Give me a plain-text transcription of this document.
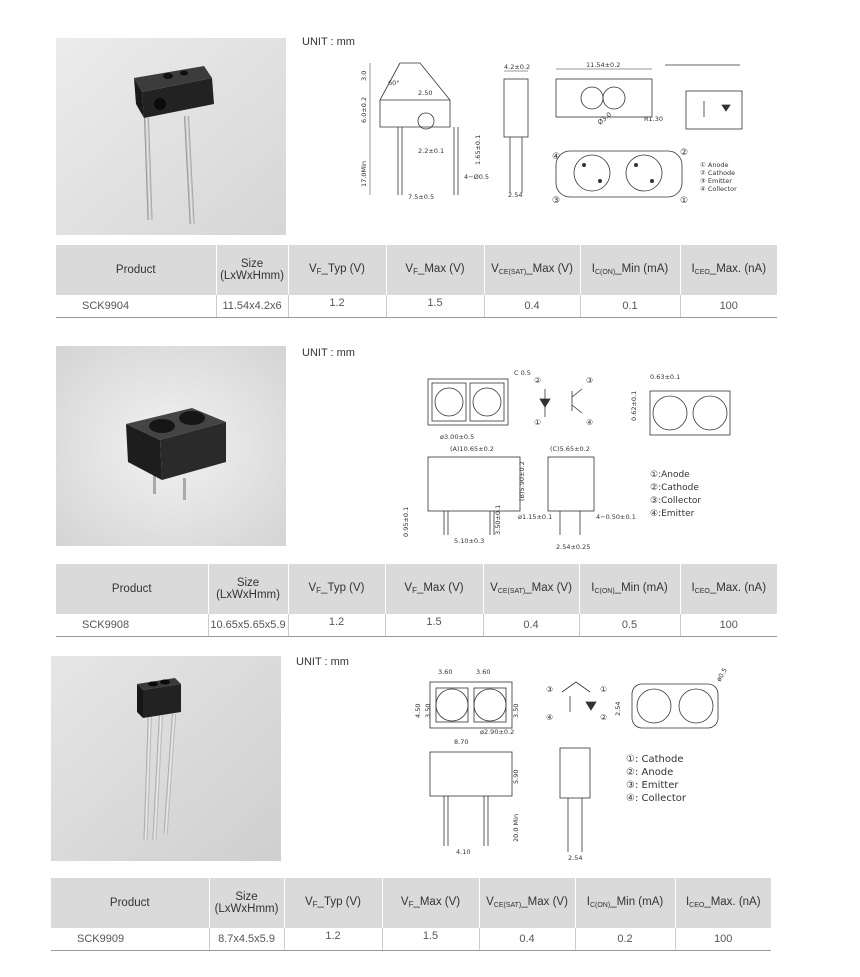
UNIT : mm
3.0
6.0±0.2
17.0Min
60°
2.50
2.2±0.1
7.5±0.5
1.65±0.1
4−Ø0.5
4.2±0.2
2.54
11.54±0.2
R1.30
Ø3.0
④	②
③	①
① Anode
② Cathode
③ Emitter
④ Collector
Product	Size
(LxWxHmm)	$V_F\_Typ$ (V)	$V_F\_Max$ (V)	VCE(SAT)_Max (V)	IC(ON)_Min (mA)	ICEO_Max. (nA)
SCK9904	11.54x4.2x6	1.2	1.5	0.4	0.1	100
UNIT : mm
C 0.5
ø3.00±0.5
②	③
①	④
0.63±0.1
0.62±0.1
(A)10.65±0.2
(B)5.90±0.2
3.50±0.1
5.10±0.3
0.95±0.1
(C)5.65±0.2
ø1.15±0.1	4−0.50±0.1
2.54±0.25
①:Anode
②:Cathode
③:Collector
④:Emitter
Product	Size
(LxWxHmm)	$V_F\_Typ$ (V)	$V_F\_Max$ (V)	VCE(SAT)_Max (V)	IC(ON)_Min (mA)	ICEO_Max. (nA)
SCK9908	10.65x5.65x5.9	1.2	1.5	0.4	0.5	100
UNIT : mm
3.60	3.60
4.50 3.50	3.50
ø2.90±0.2
8.70
③	①
④	②
2.54
ø0.5
5.90
20.0 Min
4.10
2.54
①: Cathode
②: Anode
③: Emitter
④: Collector
Product	Size
(LxWxHmm)	$V_F\_Typ$ (V)	$V_F\_Max$ (V)	VCE(SAT)_Max (V)	IC(ON)_Min (mA)	ICEO_Max. (nA)
SCK9909	8.7x4.5x5.9	1.2	1.5	0.4	0.2	100
